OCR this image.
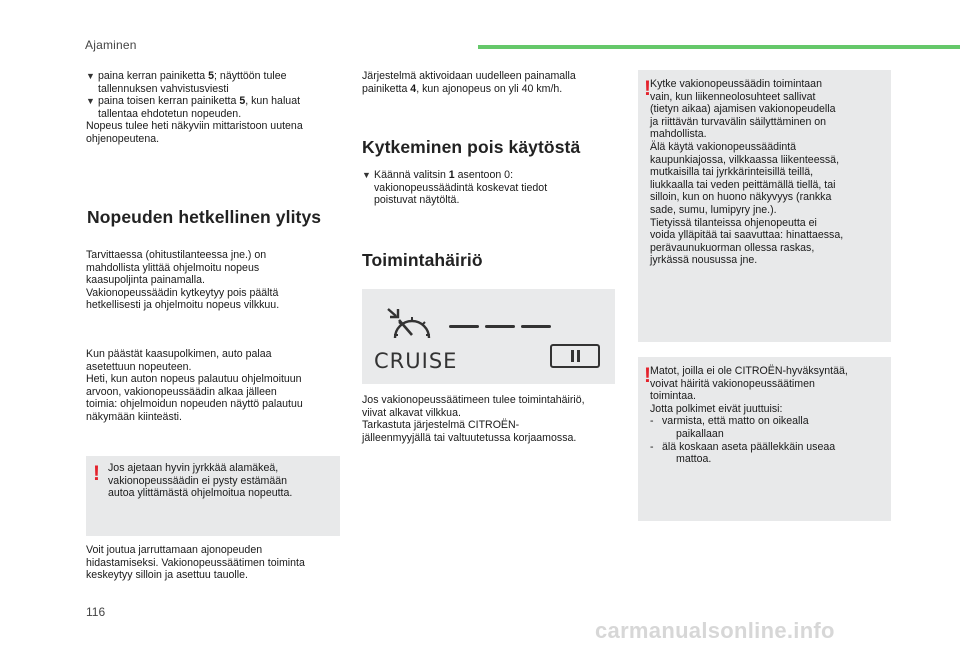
Ajaminen
▼ paina kerran painiketta 5; näyttöön tulee
tallennuksen vahvistusviesti
▼ paina toisen kerran painiketta 5, kun haluat
tallentaa ehdotetun nopeuden.
Nopeus tulee heti näkyviin mittaristoon uutena
ohjenopeutena.
Nopeuden hetkellinen ylitys
Tarvittaessa (ohitustilanteessa jne.) on
mahdollista ylittää ohjelmoitu nopeus
kaasupoljinta painamalla.
Vakionopeussäädin kytkeytyy pois päältä
hetkellisesti ja ohjelmoitu nopeus vilkkuu.
Kun päästät kaasupolkimen, auto palaa
asetettuun nopeuteen.
Heti, kun auton nopeus palautuu ohjelmoituun
arvoon, vakionopeussäädin alkaa jälleen
toimia: ohjelmoidun nopeuden näyttö palautuu
näkymään kiinteästi.
! Jos ajetaan hyvin jyrkkää alamäkeä,
vakionopeussäädin ei pysty estämään
autoa ylittämästä ohjelmoitua nopeutta.
Voit joutua jarruttamaan ajonopeuden
hidastamiseksi. Vakionopeussäätimen toiminta
keskeytyy silloin ja asettuu tauolle.
Järjestelmä aktivoidaan uudelleen painamalla
painiketta 4, kun ajonopeus on yli 40 km/h.
Kytkeminen pois käytöstä
▼ Käännä valitsin 1 asentoon 0:
vakionopeussäädintä koskevat tiedot
poistuvat näytöltä.
Toimintahäiriö
CRUISE
Jos vakionopeussäätimeen tulee toimintahäiriö,
viivat alkavat vilkkua.
Tarkastuta järjestelmä CITROËN-
jälleenmyyjällä tai valtuutetussa korjaamossa.
! Kytke vakionopeussäädin toimintaan
vain, kun liikenneolosuhteet sallivat
(tietyn aikaa) ajamisen vakionopeudella
ja riittävän turvavälin säilyttäminen on
mahdollista.
Älä käytä vakionopeussäädintä
kaupunkiajossa, vilkkaassa liikenteessä,
mutkaisilla tai jyrkkärinteisillä teillä,
liukkaalla tai veden peittämällä tiellä, tai
silloin, kun on huono näkyvyys (rankka
sade, sumu, lumipyry jne.).
Tietyissä tilanteissa ohjenopeutta ei
voida ylläpitää tai saavuttaa: hinattaessa,
perävaunukuorman ollessa raskas,
jyrkässä nousussa jne.
! Matot, joilla ei ole CITROËN-hyväksyntää,
voivat häiritä vakionopeussäätimen
toimintaa.
Jotta polkimet eivät juuttuisi:
- varmista, että matto on oikealla
paikallaan
- älä koskaan aseta päällekkäin useaa
mattoa.
116
carmanualsonline.info
